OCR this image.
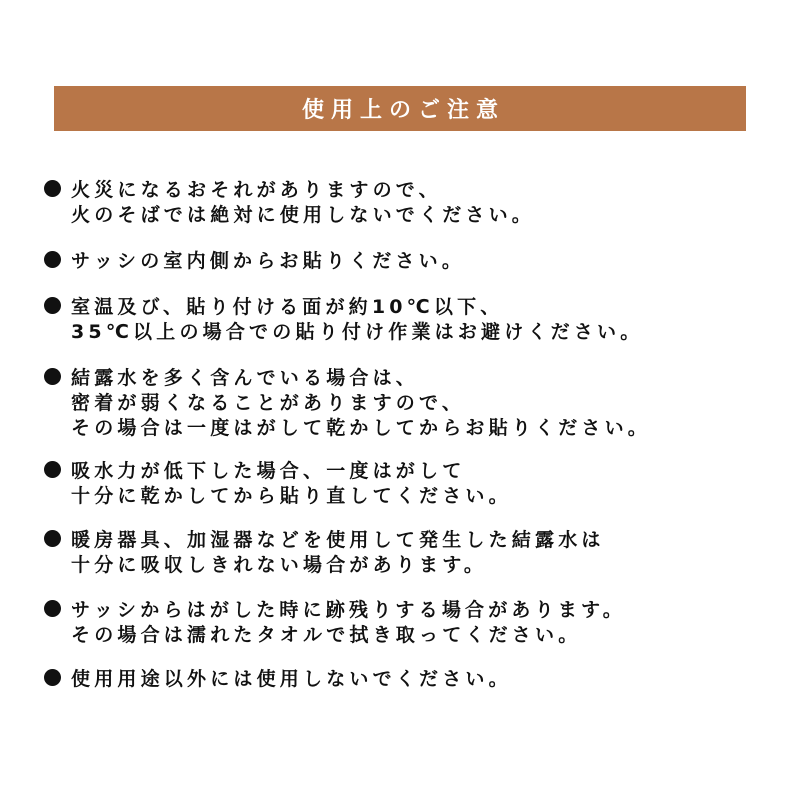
使用上のご注意
火災になるおそれがありますので、
火のそばでは絶対に使用しないでください。
サッシの室内側からお貼りください。
室温及び、貼り付ける面が約10℃以下、
35℃以上の場合での貼り付け作業はお避けください。
結露水を多く含んでいる場合は、
密着が弱くなることがありますので、
その場合は一度はがして乾かしてからお貼りください。
吸水力が低下した場合、一度はがして
十分に乾かしてから貼り直してください。
暖房器具、加湿器などを使用して発生した結露水は
十分に吸収しきれない場合があります。
サッシからはがした時に跡残りする場合があります。
その場合は濡れたタオルで拭き取ってください。
使用用途以外には使用しないでください。
